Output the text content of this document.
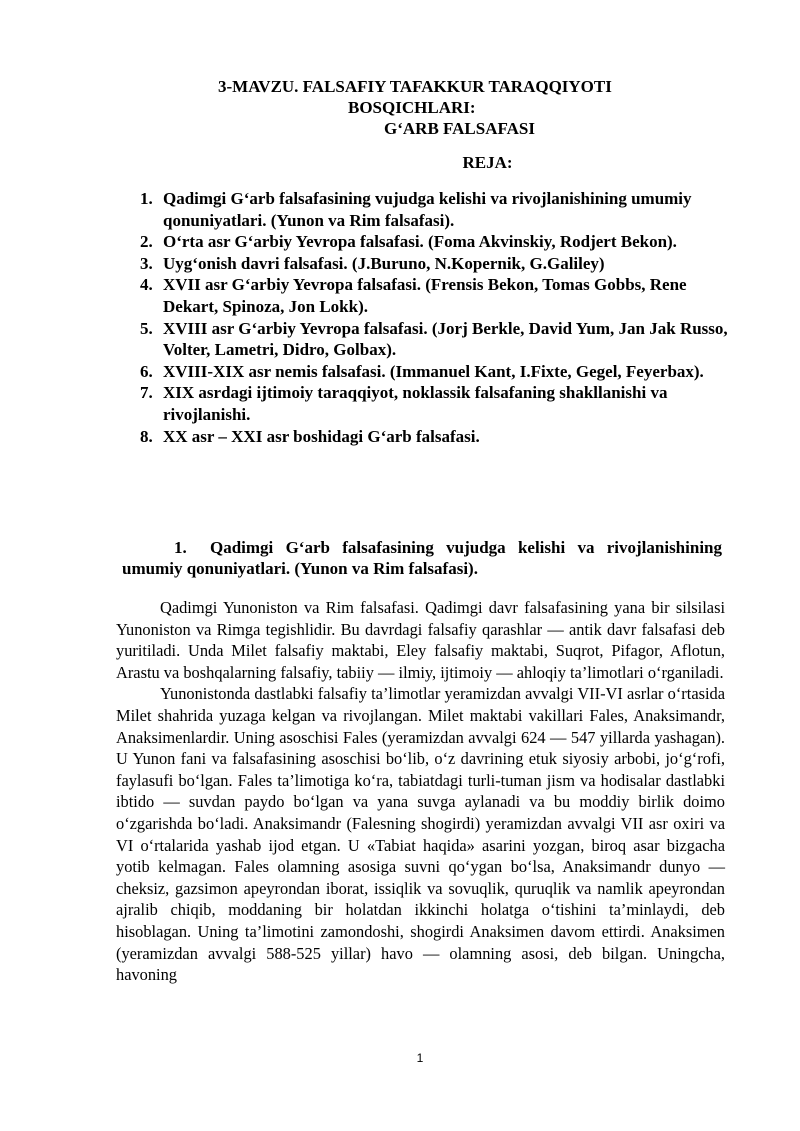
3-MAVZU. FALSAFIY TAFAKKUR TARAQQIYOTI
BOSQICHLARI:
G‘ARB FALSAFASI
REJA:
1. Qadimgi G‘arb falsafasining vujudga kelishi va rivojlanishining umumiy qonuniyatlari. (Yunon va Rim falsafasi).
2. O‘rta asr G‘arbiy Yevropa falsafasi. (Foma Akvinskiy, Rodjert Bekon).
3. Uyg‘onish davri falsafasi. (J.Buruno, N.Kopernik, G.Galiley)
4. XVII asr G‘arbiy Yevropa falsafasi. (Frensis Bekon, Tomas Gobbs, Rene Dekart, Spinoza, Jon Lokk).
5. XVIII asr G‘arbiy Yevropa falsafasi. (Jorj Berkle, David Yum, Jan Jak Russo, Volter, Lametri, Didro, Golbax).
6. XVIII-XIX asr nemis falsafasi. (Immanuel Kant, I.Fixte, Gegel, Feyerbax).
7. XIX asrdagi ijtimoiy taraqqiyot, noklassik falsafaning shakllanishi va rivojlanishi.
8. XX asr – XXI asr boshidagi G‘arb falsafasi.
1. Qadimgi G‘arb falsafasining vujudga kelishi va rivojlanishining umumiy qonuniyatlari. (Yunon va Rim falsafasi).

Qadimgi Yunoniston va Rim falsafasi. Qadimgi davr falsafasining yana bir silsilasi Yunoniston va Rimga tegishlidir. Bu davrdagi falsafiy qarashlar — antik davr falsafasi deb yuritiladi. Unda Milet falsafiy maktabi, Eley falsafiy maktabi, Suqrot, Pifagor, Aflotun, Arastu va boshqalarning falsafiy, tabiiy — ilmiy, ijtimoiy — ahloqiy ta’limotlari o‘rganiladi.

Yunonistonda dastlabki falsafiy ta’limotlar yeramizdan avvalgi VII-VI asrlar o‘rtasida Milet shahrida yuzaga kelgan va rivojlangan. Milet maktabi vakillari Fales, Anaksimandr, Anaksimenlardir. Uning asoschisi Fales (yeramizdan avvalgi 624 — 547 yillarda yashagan). U Yunon fani va falsafasining asoschisi bo‘lib, o‘z davrining etuk siyosiy arbobi, jo‘g‘rofi, faylasufi bo‘lgan. Fales ta’limotiga ko‘ra, tabiatdagi turli-tuman jism va hodisalar dastlabki ibtido — suvdan paydo bo‘lgan va yana suvga aylanadi va bu moddiy birlik doimo o‘zgarishda bo‘ladi. Anaksimandr (Falesning shogirdi) yeramizdan avvalgi VII asr oxiri va VI o‘rtalarida yashab ijod etgan. U «Tabiat haqida» asarini yozgan, biroq asar bizgacha yotib kelmagan. Fales olamning asosiga suvni qo‘ygan bo‘lsa, Anaksimandr dunyo — cheksiz, gazsimon apeyrondan iborat, issiqlik va sovuqlik, quruqlik va namlik apeyrondan ajralib chiqib, moddaning bir holatdan ikkinchi holatga o‘tishini ta’minlaydi, deb hisoblagan. Uning ta’limotini zamondoshi, shogirdi Anaksimen davom ettirdi. Anaksimen (yeramizdan avvalgi 588-525 yillar) havo — olamning asosi, deb bilgan. Uningcha, havoning

1
